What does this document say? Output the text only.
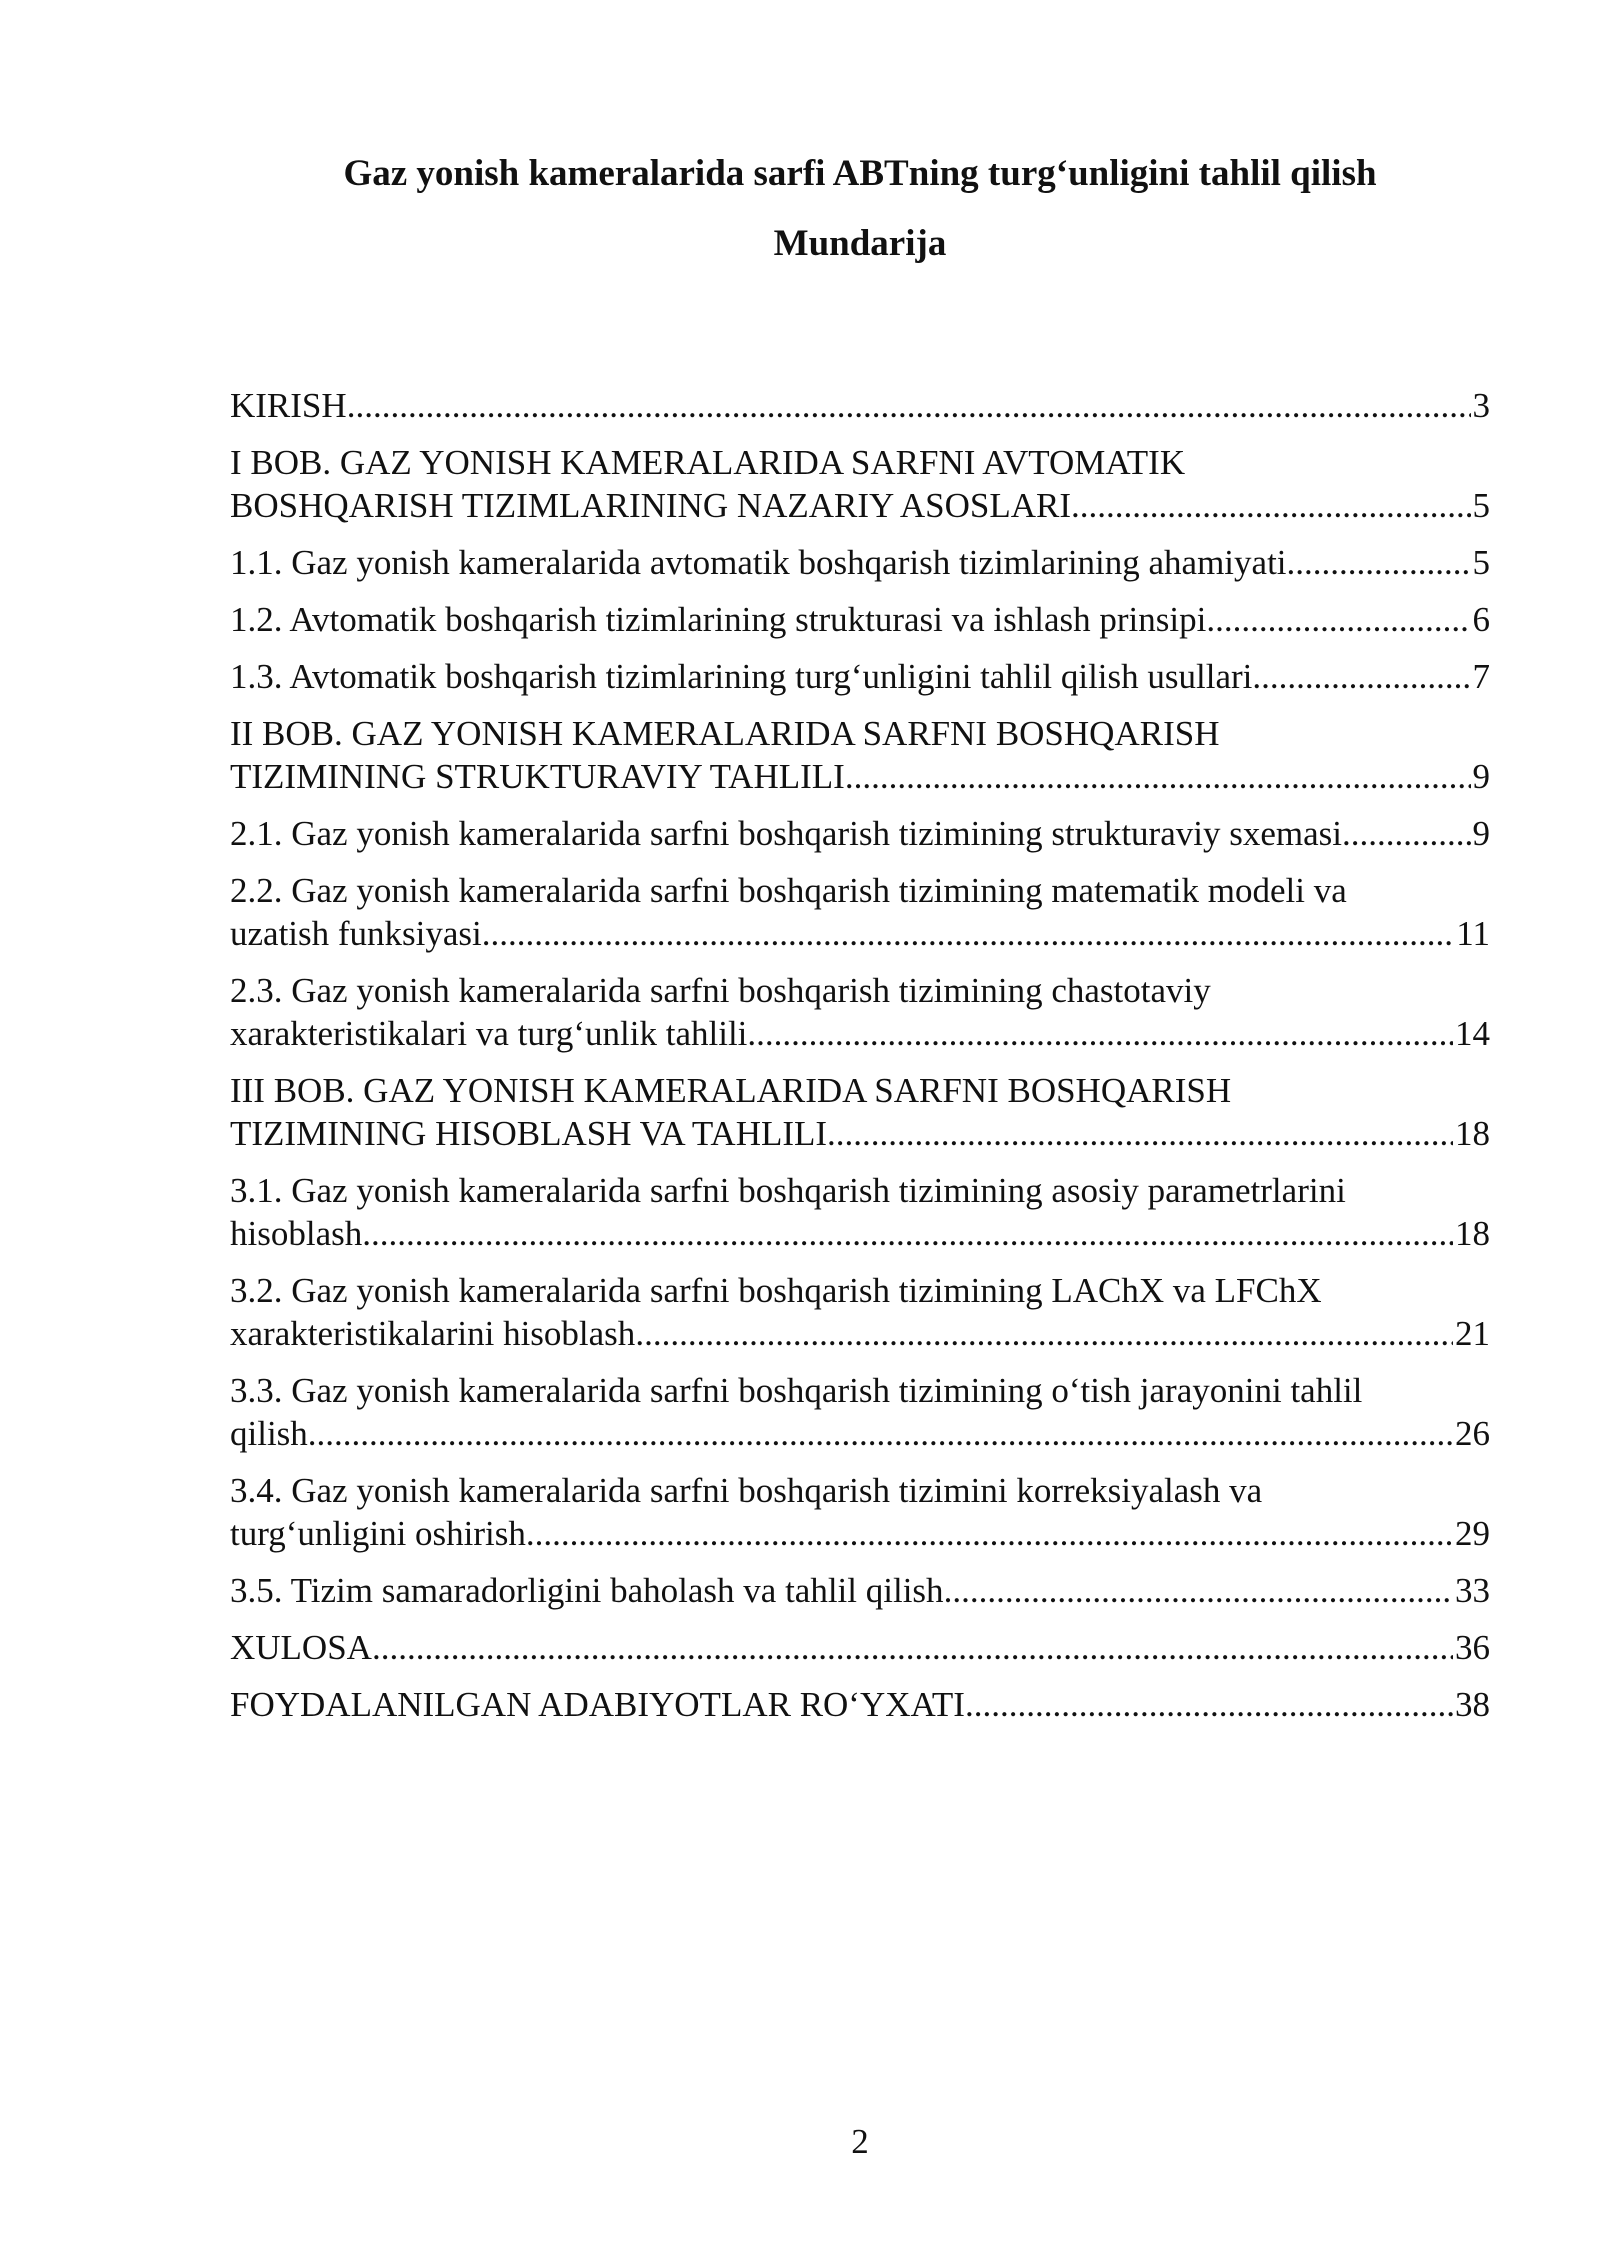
Gaz yonish kameralarida sarfi ABTning turg‘unligini tahlil qilish
Mundarija
KIRISH .....	3
I BOB. GAZ YONISH KAMERALARIDA SARFNI AVTOMATIK
BOSHQARISH TIZIMLARINING NAZARIY ASOSLARI .....	5
1.1. Gaz yonish kameralarida avtomatik boshqarish tizimlarining ahamiyati .....	5
1.2. Avtomatik boshqarish tizimlarining strukturasi va ishlash prinsipi .....	6
1.3. Avtomatik boshqarish tizimlarining turg‘unligini tahlil qilish usullari .....	7
II BOB. GAZ YONISH KAMERALARIDA SARFNI BOSHQARISH
TIZIMINING STRUKTURAVIY TAHLILI .....	9
2.1. Gaz yonish kameralarida sarfni boshqarish tizimining strukturaviy sxemasi .....	9
2.2. Gaz yonish kameralarida sarfni boshqarish tizimining matematik modeli va
uzatish funksiyasi .....	11
2.3. Gaz yonish kameralarida sarfni boshqarish tizimining chastotaviy
xarakteristikalari va turg‘unlik tahlili .....	14
III BOB. GAZ YONISH KAMERALARIDA SARFNI BOSHQARISH
TIZIMINING HISOBLASH VA TAHLILI .....	18
3.1. Gaz yonish kameralarida sarfni boshqarish tizimining asosiy parametrlarini
hisoblash .....	18
3.2. Gaz yonish kameralarida sarfni boshqarish tizimining LAChX va LFChX
xarakteristikalarini hisoblash .....	21
3.3. Gaz yonish kameralarida sarfni boshqarish tizimining o‘tish jarayonini tahlil
qilish .....	26
3.4. Gaz yonish kameralarida sarfni boshqarish tizimini korreksiyalash va
turg‘unligini oshirish .....	29
3.5. Tizim samaradorligini baholash va tahlil qilish .....	33
XULOSA .....	36
FOYDALANILGAN ADABIYOTLAR RO‘YXATI .....	38
2
